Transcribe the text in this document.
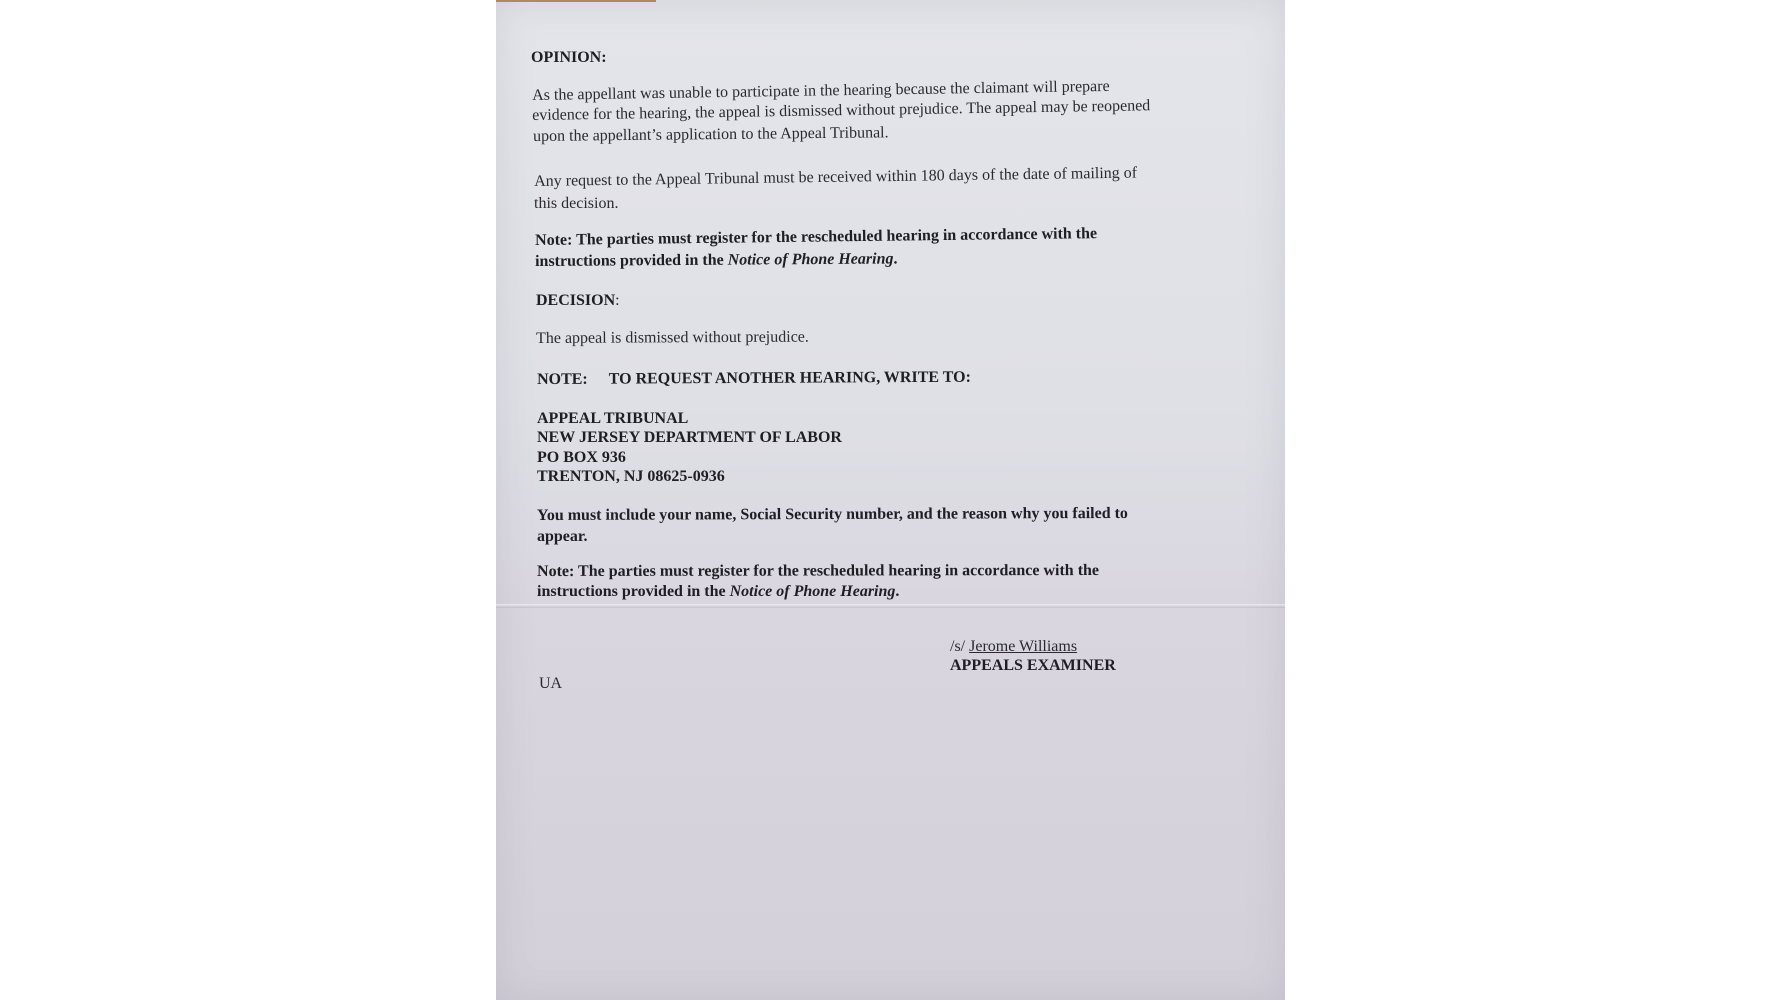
OPINION:
As the appellant was unable to participate in the hearing because the claimant will prepare
evidence for the hearing, the appeal is dismissed without prejudice. The appeal may be reopened
upon the appellant’s application to the Appeal Tribunal.
Any request to the Appeal Tribunal must be received within 180 days of the date of mailing of
this decision.
Note: The parties must register for the rescheduled hearing in accordance with the
instructions provided in the Notice of Phone Hearing.
DECISION:
The appeal is dismissed without prejudice.
NOTE: TO REQUEST ANOTHER HEARING, WRITE TO:
APPEAL TRIBUNAL
NEW JERSEY DEPARTMENT OF LABOR
PO BOX 936
TRENTON, NJ 08625-0936
You must include your name, Social Security number, and the reason why you failed to
appear.
Note: The parties must register for the rescheduled hearing in accordance with the
instructions provided in the Notice of Phone Hearing.
/s/ Jerome Williams
APPEALS EXAMINER
UA
